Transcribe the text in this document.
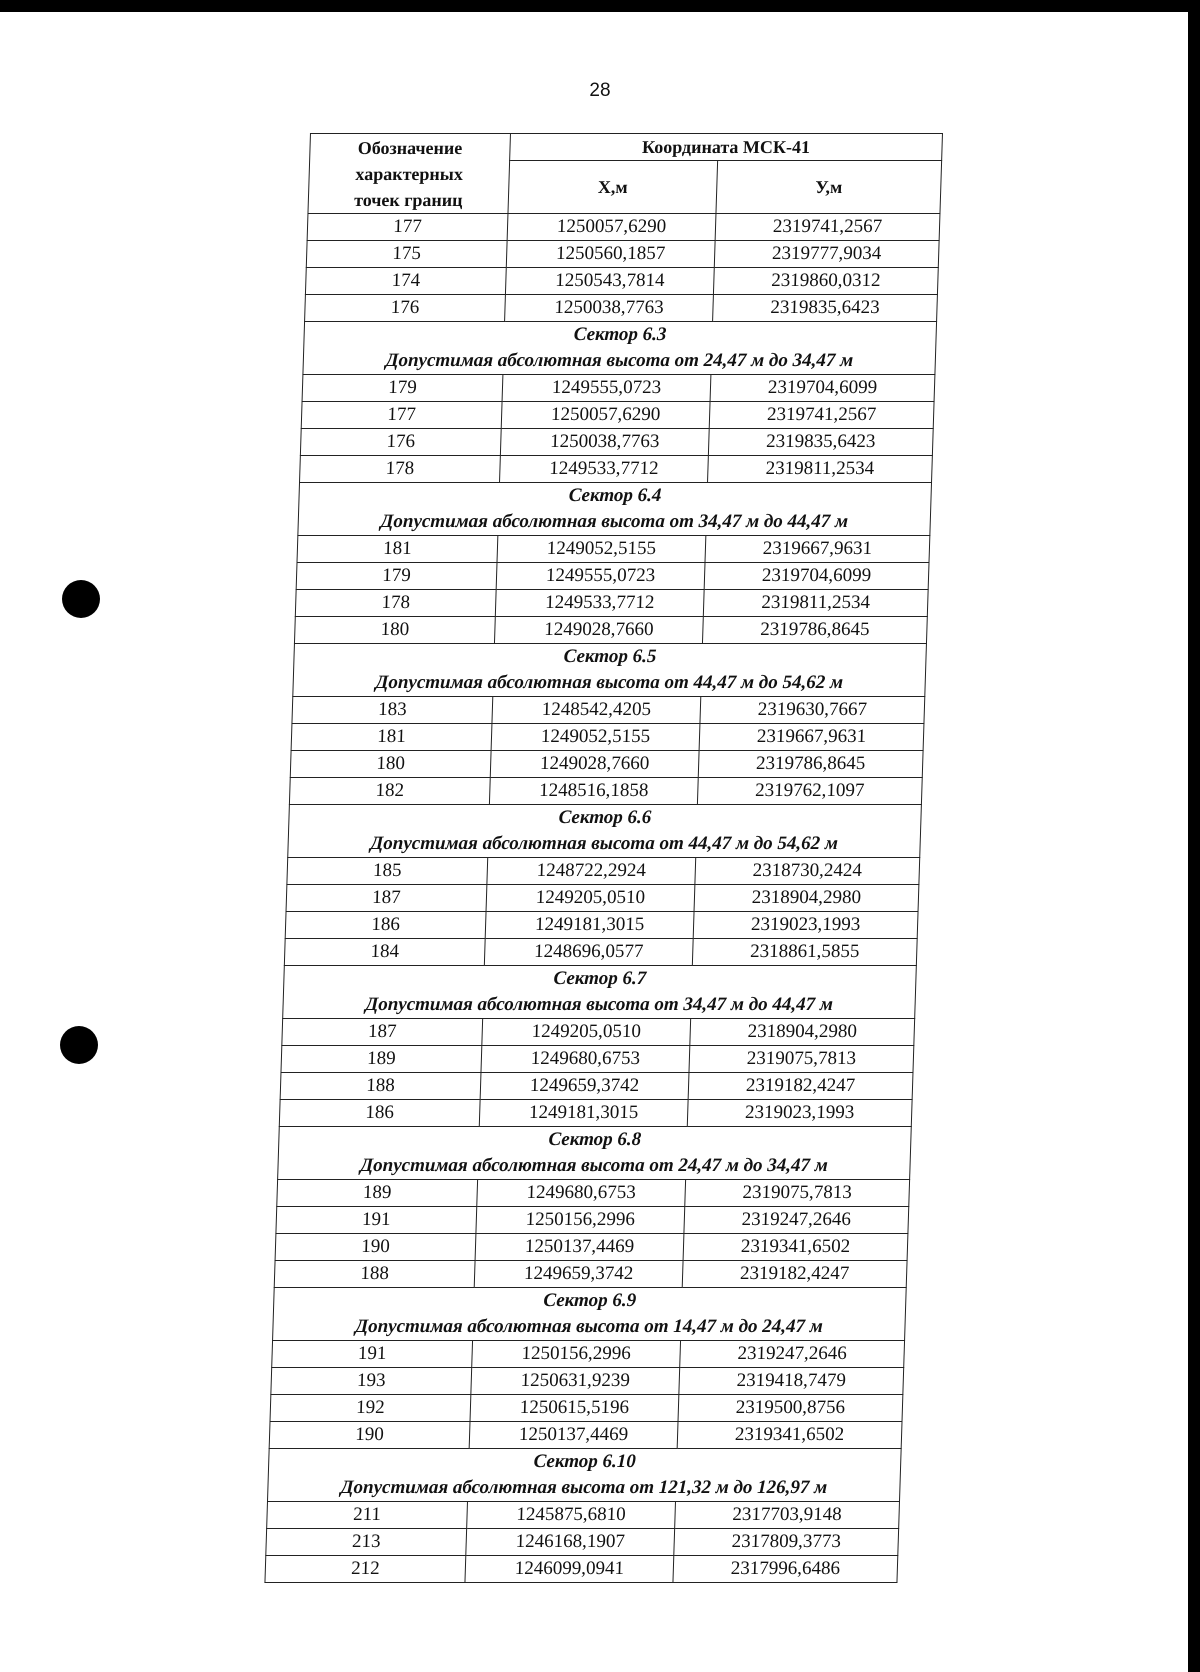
28
Обозначение
характерных
точек границ	Координата МСК-41	
	Х,м	У,м

177	1250057,6290	2319741,2567
175	1250560,1857	2319777,9034
174	1250543,7814	2319860,0312
176	1250038,7763	2319835,6423
Сектор 6.3		
Допустимая абсолютная высота от 24,47 м до 34,47 м		
179	1249555,0723	2319704,6099
177	1250057,6290	2319741,2567
176	1250038,7763	2319835,6423
178	1249533,7712	2319811,2534
Сектор 6.4		
Допустимая абсолютная высота от 34,47 м до 44,47 м		
181	1249052,5155	2319667,9631
179	1249555,0723	2319704,6099
178	1249533,7712	2319811,2534
180	1249028,7660	2319786,8645
Сектор 6.5		
Допустимая абсолютная высота от 44,47 м до 54,62 м		
183	1248542,4205	2319630,7667
181	1249052,5155	2319667,9631
180	1249028,7660	2319786,8645
182	1248516,1858	2319762,1097
Сектор 6.6		
Допустимая абсолютная высота от 44,47 м до 54,62 м		
185	1248722,2924	2318730,2424
187	1249205,0510	2318904,2980
186	1249181,3015	2319023,1993
184	1248696,0577	2318861,5855
Сектор 6.7		
Допустимая абсолютная высота от 34,47 м до 44,47 м		
187	1249205,0510	2318904,2980
189	1249680,6753	2319075,7813
188	1249659,3742	2319182,4247
186	1249181,3015	2319023,1993
Сектор 6.8		
Допустимая абсолютная высота от 24,47 м до 34,47 м		
189	1249680,6753	2319075,7813
191	1250156,2996	2319247,2646
190	1250137,4469	2319341,6502
188	1249659,3742	2319182,4247
Сектор 6.9		
Допустимая абсолютная высота от 14,47 м до 24,47 м		
191	1250156,2996	2319247,2646
193	1250631,9239	2319418,7479
192	1250615,5196	2319500,8756
190	1250137,4469	2319341,6502
Сектор 6.10		
Допустимая абсолютная высота от 121,32 м до 126,97 м		
211	1245875,6810	2317703,9148
213	1246168,1907	2317809,3773
212	1246099,0941	2317996,6486
